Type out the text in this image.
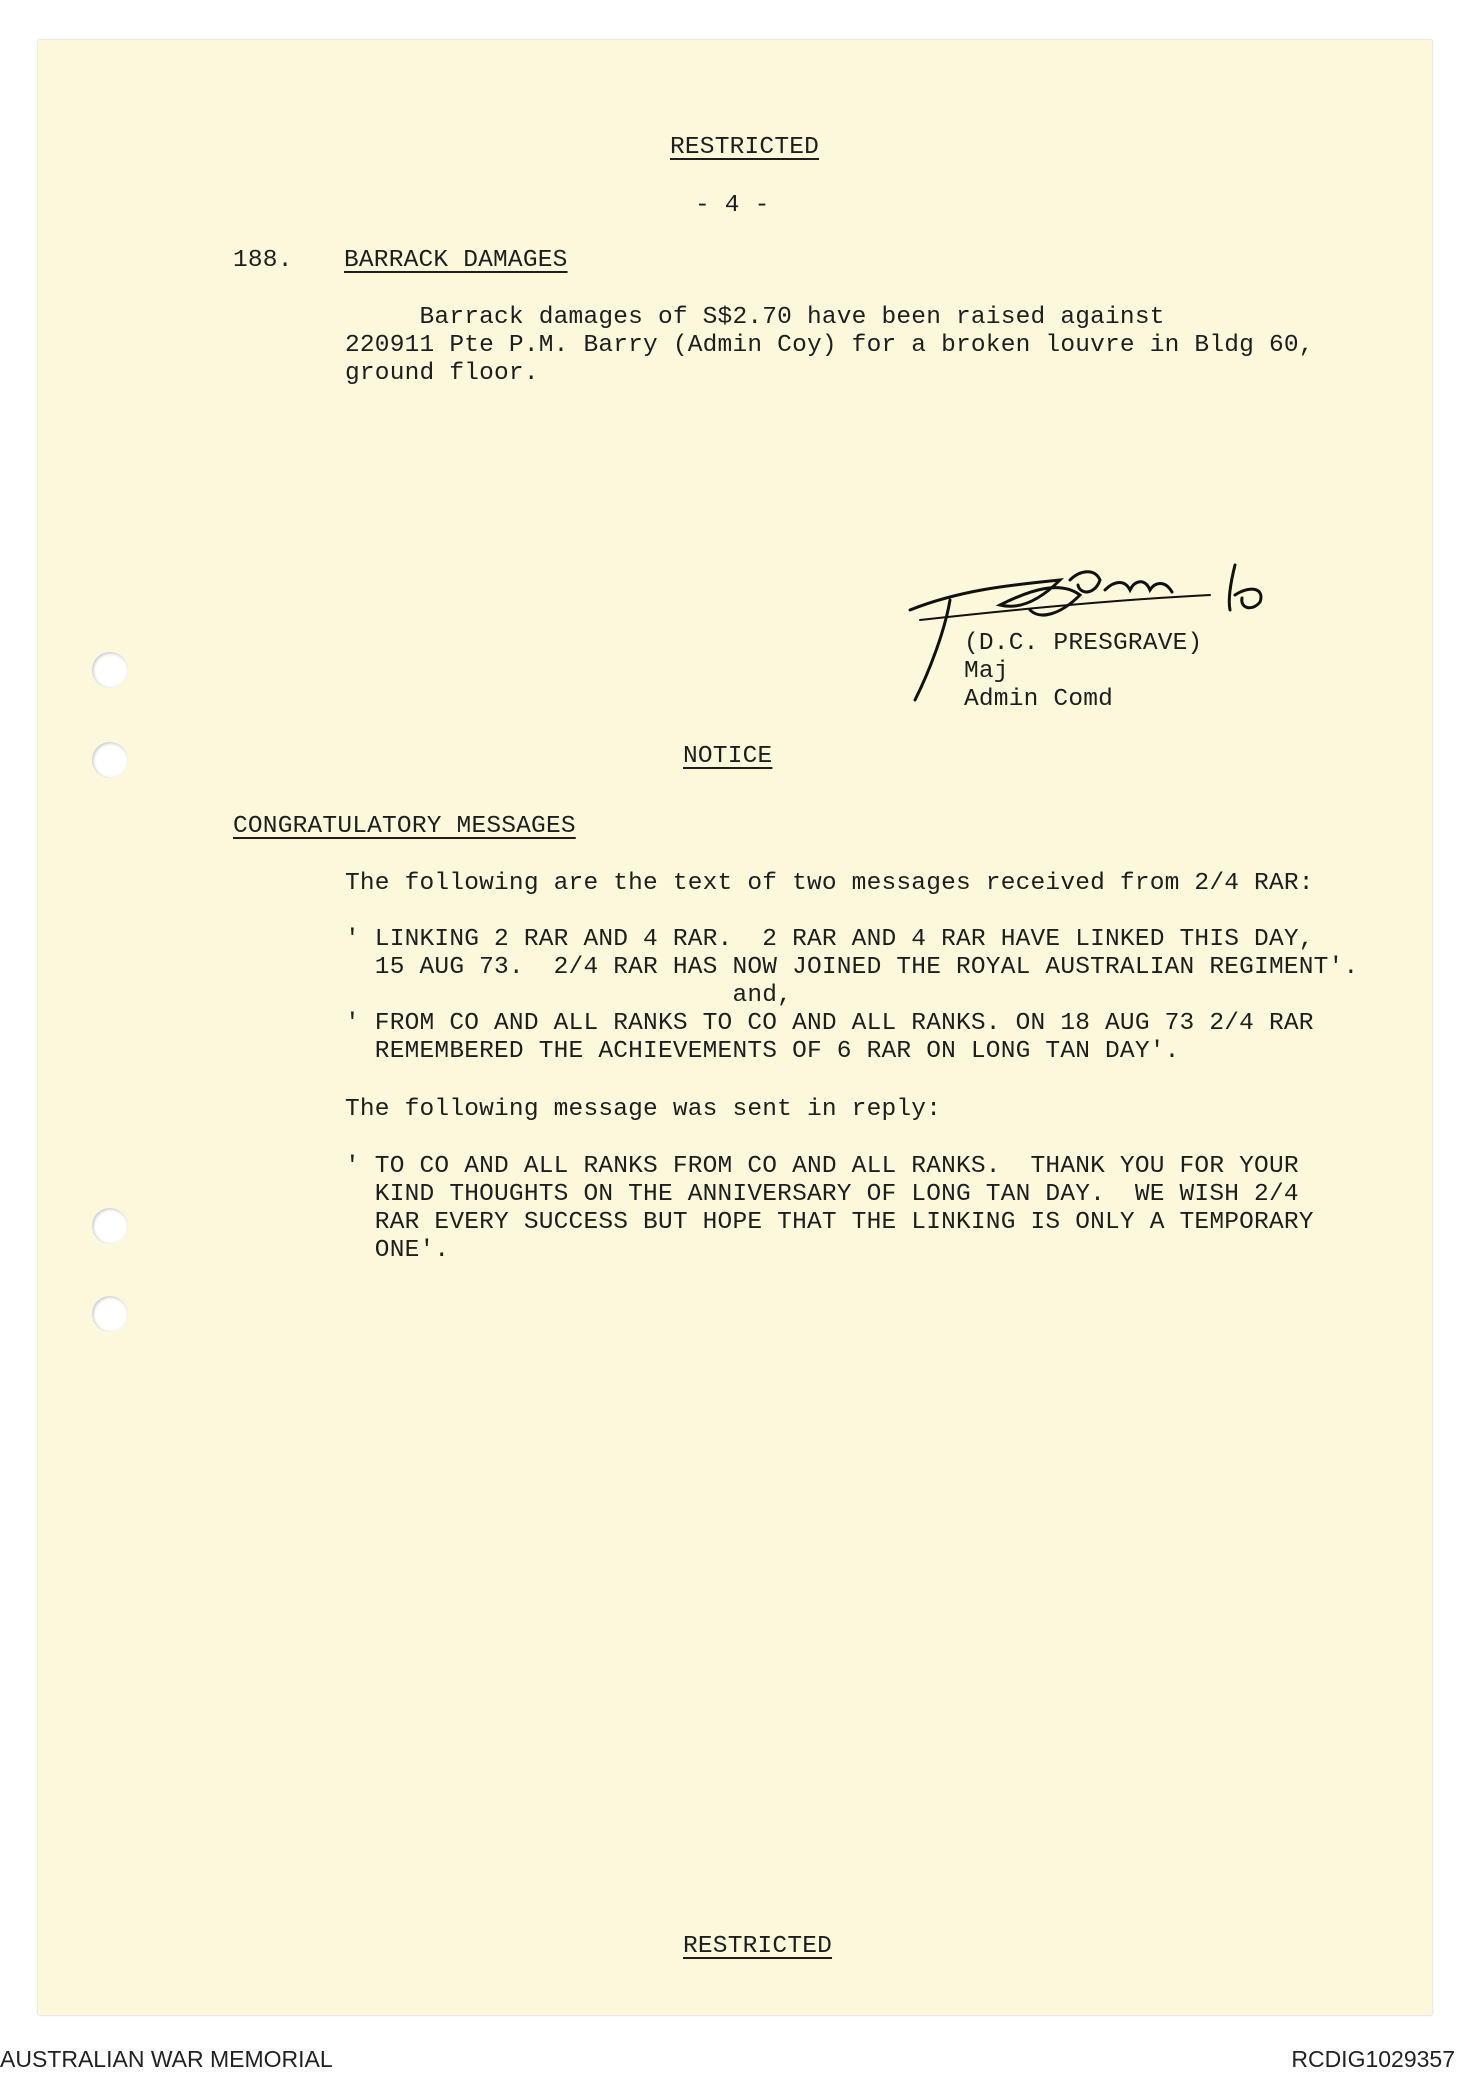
RESTRICTED
- 4 -
188. BARRACK DAMAGES
Barrack damages of S$2.70 have been raised against
220911 Pte P.M. Barry (Admin Coy) for a broken louvre in Bldg 60,
ground floor.
(D.C. PRESGRAVE)
Maj
Admin Comd
NOTICE
CONGRATULATORY MESSAGES
The following are the text of two messages received from 2/4 RAR:
' LINKING 2 RAR AND 4 RAR.  2 RAR AND 4 RAR HAVE LINKED THIS DAY,
15 AUG 73.  2/4 RAR HAS NOW JOINED THE ROYAL AUSTRALIAN REGIMENT'.
and,
' FROM CO AND ALL RANKS TO CO AND ALL RANKS. ON 18 AUG 73 2/4 RAR
REMEMBERED THE ACHIEVEMENTS OF 6 RAR ON LONG TAN DAY'.
The following message was sent in reply:
' TO CO AND ALL RANKS FROM CO AND ALL RANKS.  THANK YOU FOR YOUR
KIND THOUGHTS ON THE ANNIVERSARY OF LONG TAN DAY.  WE WISH 2/4
RAR EVERY SUCCESS BUT HOPE THAT THE LINKING IS ONLY A TEMPORARY
ONE'.
RESTRICTED
AUSTRALIAN WAR MEMORIAL	RCDIG1029357
